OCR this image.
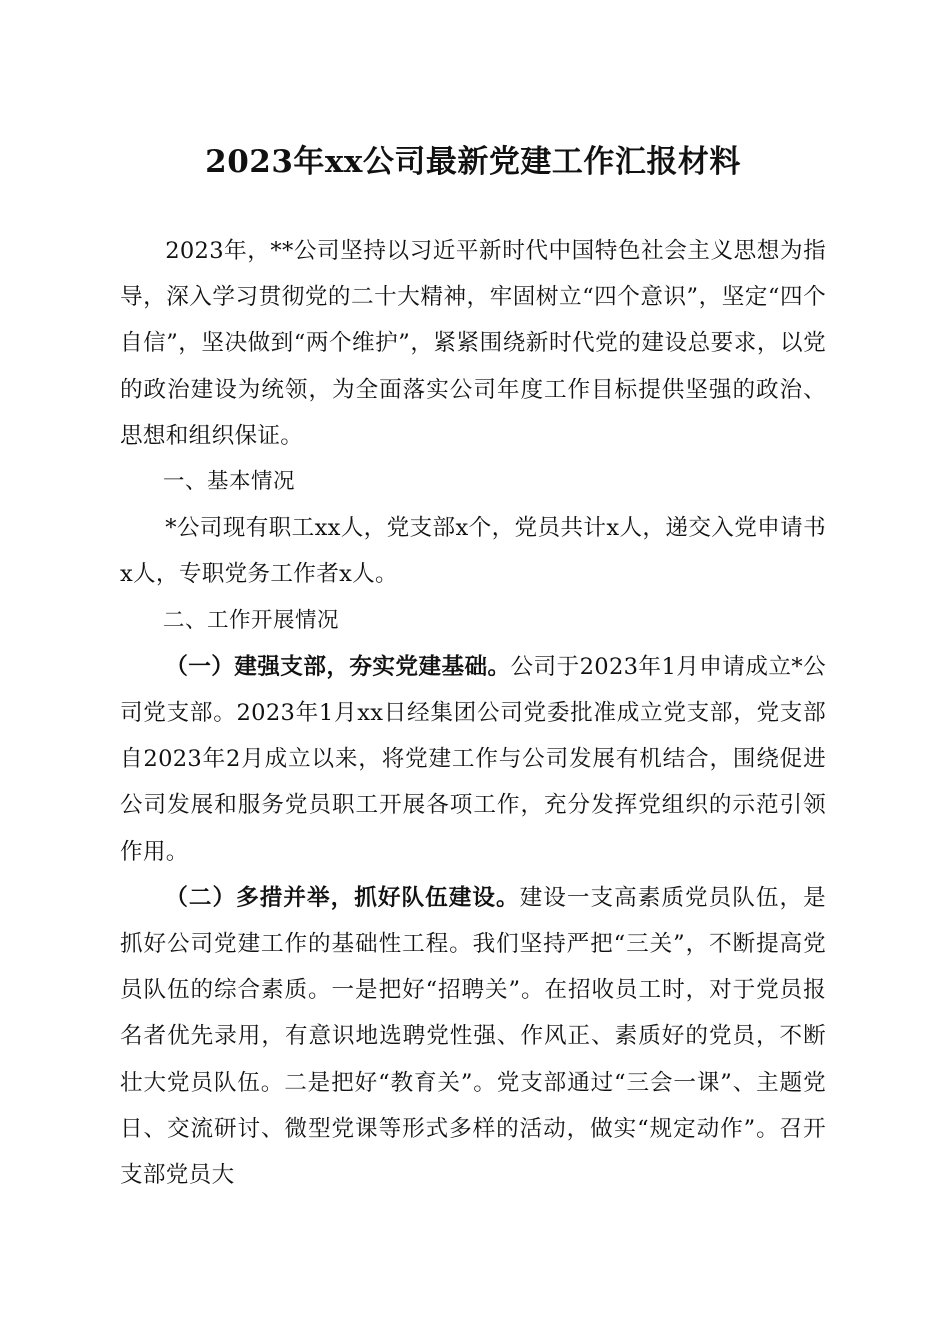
2023年xx公司最新党建工作汇报材料

2023年，**公司坚持以习近平新时代中国特色社会主义思想为指导，深入学习贯彻党的二十大精神，牢固树立“四个意识”，坚定“四个自信”，坚决做到“两个维护”，紧紧围绕新时代党的建设总要求，以党的政治建设为统领，为全面落实公司年度工作目标提供坚强的政治、思想和组织保证。

一、基本情况

*公司现有职工xx人，党支部x个，党员共计x人，递交入党申请书x人，专职党务工作者x人。

二、工作开展情况

（一）建强支部，夯实党建基础。公司于2023年1月申请成立*公司党支部。2023年1月xx日经集团公司党委批准成立党支部，党支部自2023年2月成立以来，将党建工作与公司发展有机结合，围绕促进公司发展和服务党员职工开展各项工作，充分发挥党组织的示范引领作用。

（二）多措并举，抓好队伍建设。建设一支高素质党员队伍，是抓好公司党建工作的基础性工程。我们坚持严把“三关”，不断提高党员队伍的综合素质。一是把好“招聘关”。在招收员工时，对于党员报名者优先录用，有意识地选聘党性强、作风正、素质好的党员，不断壮大党员队伍。二是把好“教育关”。党支部通过“三会一课”、主题党日、交流研讨、微型党课等形式多样的活动，做实“规定动作”。召开支部党员大
